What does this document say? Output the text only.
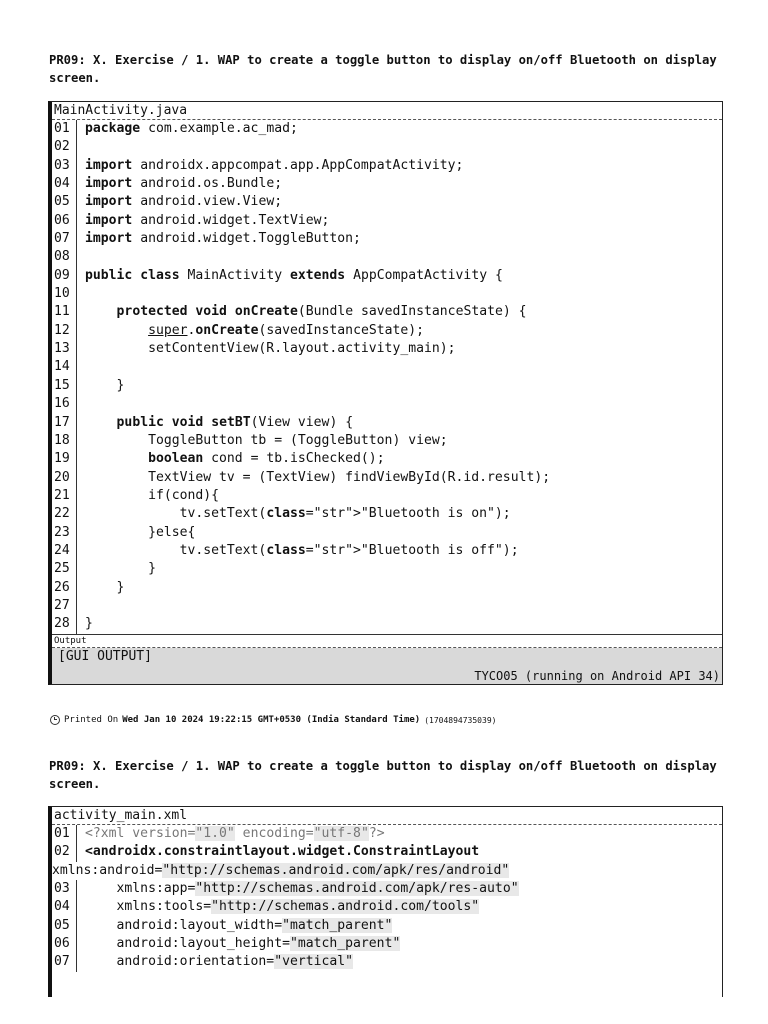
PR09: X. Exercise / 1. WAP to create a toggle button to display on/off Bluetooth on display screen.
MainActivity.java
01	package com.example.ac_mad;
02
03	import androidx.appcompat.app.AppCompatActivity;
04	import android.os.Bundle;
05	import android.view.View;
06	import android.widget.TextView;
07	import android.widget.ToggleButton;
08
09	public class MainActivity extends AppCompatActivity {
10
11	protected void onCreate(Bundle savedInstanceState) {
12	super.onCreate(savedInstanceState);
13	setContentView(R.layout.activity_main);
14
15	}
16
17	public void setBT(View view) {
18	ToggleButton tb = (ToggleButton) view;
19	boolean cond = tb.isChecked();
20	TextView tv = (TextView) findViewById(R.id.result);
21	if(cond){
22	tv.setText(class="str">"Bluetooth is on");
23	}else{
24	tv.setText(class="str">"Bluetooth is off");
25	}
26	}
27
28	}
Output
[GUI OUTPUT]
TYCO05 (running on Android API 34)
Printed On Wed Jan 10 2024 19:22:15 GMT+0530 (India Standard Time) (1704894735039)
PR09: X. Exercise / 1. WAP to create a toggle button to display on/off Bluetooth on display screen.
activity_main.xml
01	<?xml version="1.0" encoding="utf-8"?>
02	<androidx.constraintlayout.widget.ConstraintLayout
xmlns:android="http://schemas.android.com/apk/res/android"
03	xmlns:app="http://schemas.android.com/apk/res-auto"
04	xmlns:tools="http://schemas.android.com/tools"
05	android:layout_width="match_parent"
06	android:layout_height="match_parent"
07	android:orientation="vertical"
